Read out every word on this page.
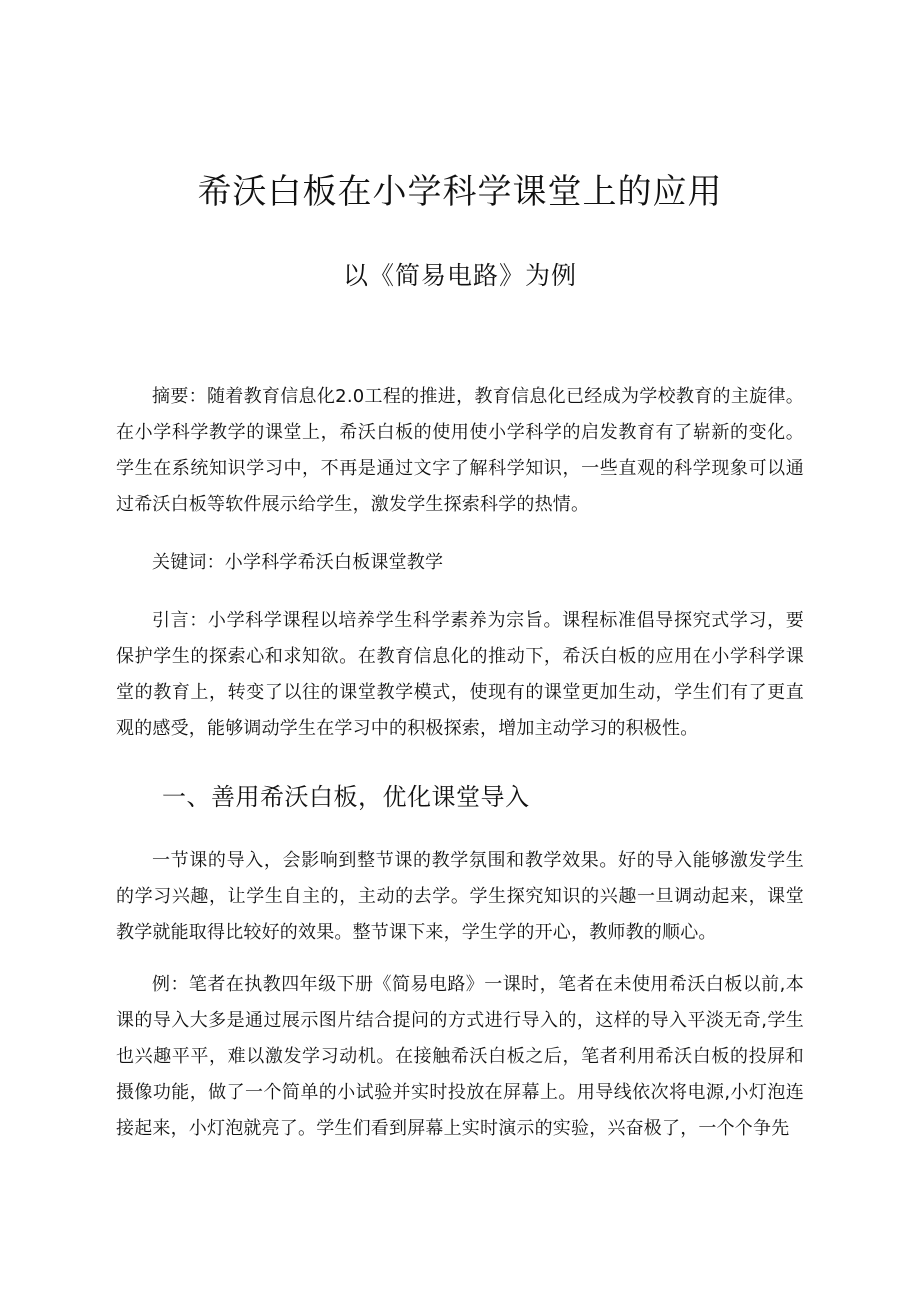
希沃白板在小学科学课堂上的应用
以《简易电路》为例

摘要：随着教育信息化2.0工程的推进，教育信息化已经成为学校教育的主旋律。在小学科学教学的课堂上，希沃白板的使用使小学科学的启发教育有了崭新的变化。学生在系统知识学习中，不再是通过文字了解科学知识，一些直观的科学现象可以通过希沃白板等软件展示给学生，激发学生探索科学的热情。

关键词：小学科学希沃白板课堂教学

引言：小学科学课程以培养学生科学素养为宗旨。课程标准倡导探究式学习，要保护学生的探索心和求知欲。在教育信息化的推动下，希沃白板的应用在小学科学课堂的教育上，转变了以往的课堂教学模式，使现有的课堂更加生动，学生们有了更直观的感受，能够调动学生在学习中的积极探索，增加主动学习的积极性。

一、善用希沃白板，优化课堂导入

一节课的导入，会影响到整节课的教学氛围和教学效果。好的导入能够激发学生的学习兴趣，让学生自主的，主动的去学。学生探究知识的兴趣一旦调动起来，课堂教学就能取得比较好的效果。整节课下来，学生学的开心，教师教的顺心。

例：笔者在执教四年级下册《简易电路》一课时，笔者在未使用希沃白板以前,本课的导入大多是通过展示图片结合提问的方式进行导入的，这样的导入平淡无奇,学生也兴趣平平，难以激发学习动机。在接触希沃白板之后，笔者利用希沃白板的投屏和摄像功能，做了一个简单的小试验并实时投放在屏幕上。用导线依次将电源,小灯泡连接起来，小灯泡就亮了。学生们看到屏幕上实时演示的实验，兴奋极了，一个个争先
